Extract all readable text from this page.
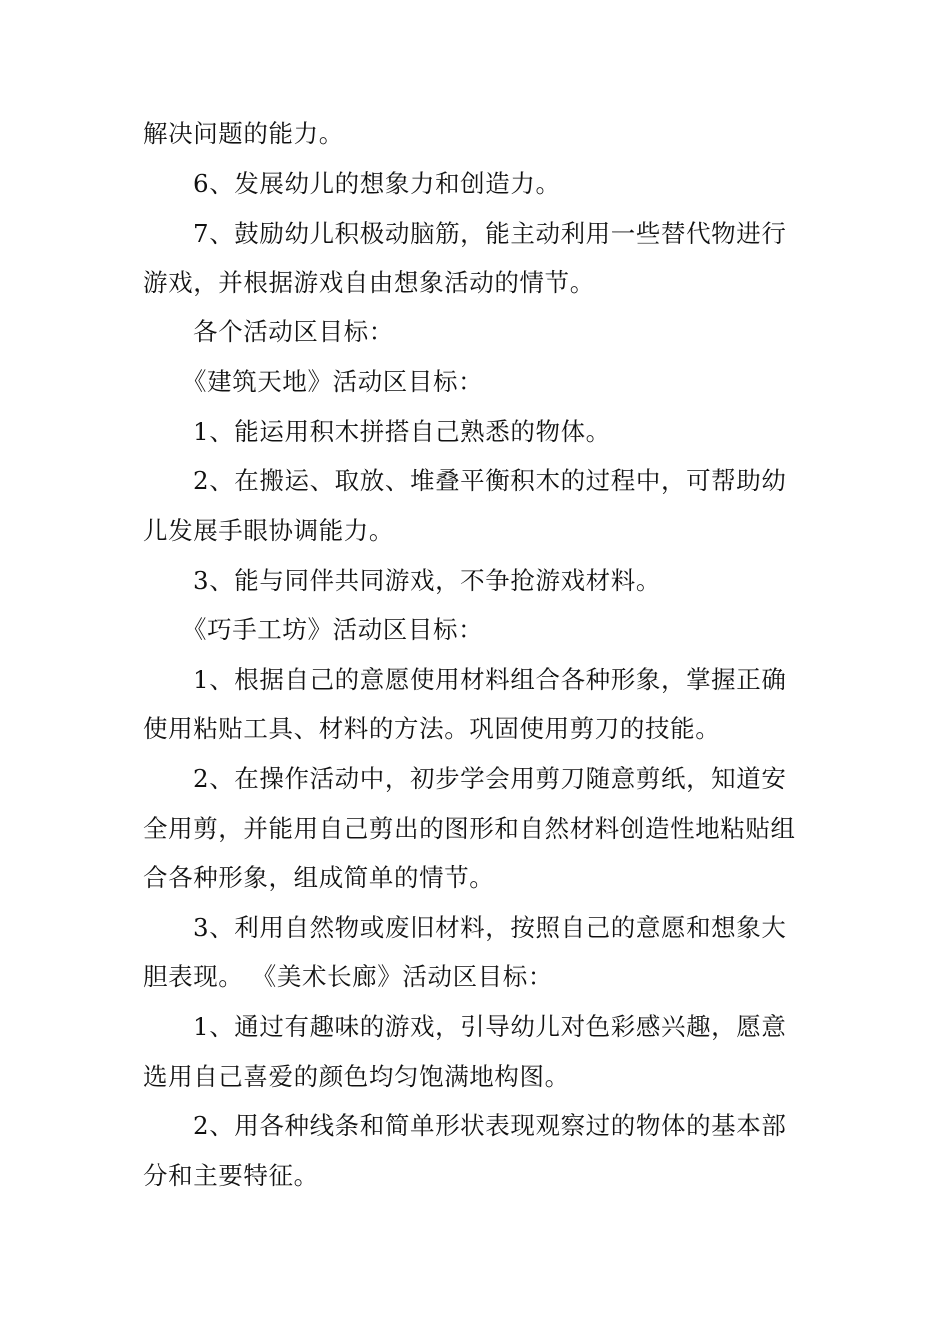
解决问题的能力。
6、发展幼儿的想象力和创造力。
7、鼓励幼儿积极动脑筋，能主动利用一些替代物进行
游戏，并根据游戏自由想象活动的情节。
各个活动区目标：
《建筑天地》活动区目标：
1、能运用积木拼搭自己熟悉的物体。
2、在搬运、取放、堆叠平衡积木的过程中，可帮助幼
儿发展手眼协调能力。
3、能与同伴共同游戏，不争抢游戏材料。
《巧手工坊》活动区目标：
1、根据自己的意愿使用材料组合各种形象，掌握正确
使用粘贴工具、材料的方法。巩固使用剪刀的技能。
2、在操作活动中，初步学会用剪刀随意剪纸，知道安
全用剪，并能用自己剪出的图形和自然材料创造性地粘贴组
合各种形象，组成简单的情节。
3、利用自然物或废旧材料，按照自己的意愿和想象大
胆表现。 《美术长廊》活动区目标：
1、通过有趣味的游戏，引导幼儿对色彩感兴趣，愿意
选用自己喜爱的颜色均匀饱满地构图。
2、用各种线条和简单形状表现观察过的物体的基本部
分和主要特征。
